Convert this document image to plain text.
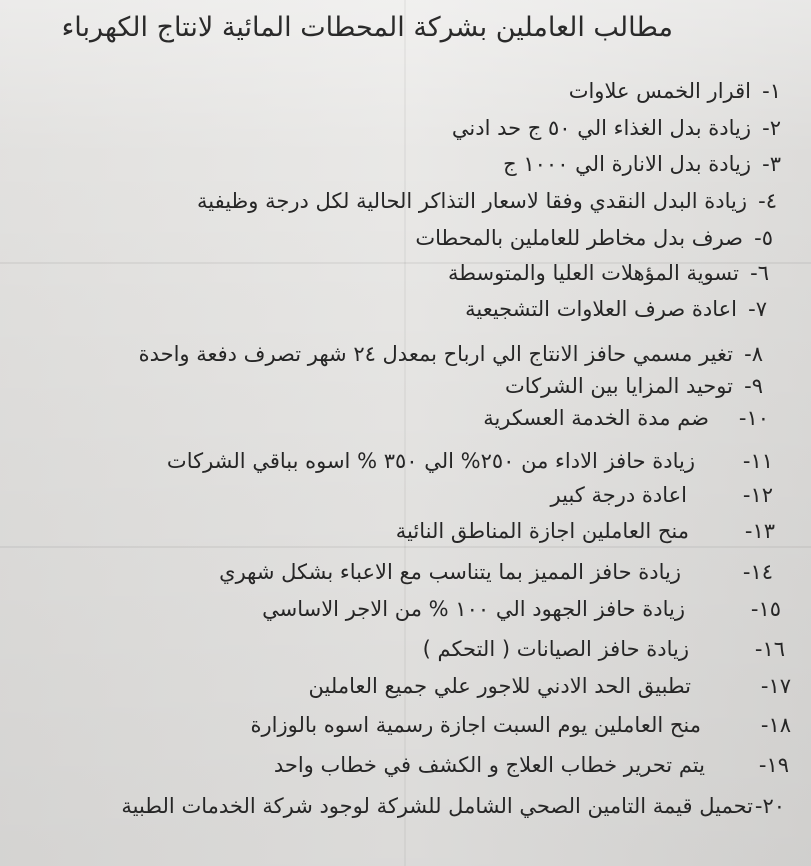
مطالب العاملين بشركة المحطات المائية لانتاج الكهرباء
١-
اقرار الخمس علاوات
٢-
زيادة بدل الغذاء الي ٥٠ ج حد ادني
٣-
زيادة بدل الانارة الي ١٠٠٠ ج
٤-
زيادة البدل النقدي وفقا لاسعار التذاكر الحالية لكل درجة وظيفية
٥-
صرف بدل مخاطر للعاملين بالمحطات
٦-
تسوية المؤهلات العليا والمتوسطة
٧-
اعادة صرف العلاوات التشجيعية
٨-
تغير مسمي حافز الانتاج الي ارباح بمعدل ٢٤ شهر تصرف دفعة واحدة
٩-
توحيد المزايا بين الشركات
١٠-
ضم مدة الخدمة العسكرية
١١-
زيادة حافز الاداء من ٢٥٠% الي ٣٥٠ % اسوه بباقي الشركات
١٢-
اعادة درجة كبير
١٣-
منح العاملين اجازة المناطق النائية
١٤-
زيادة حافز المميز بما يتناسب مع الاعباء بشكل شهري
١٥-
زيادة حافز الجهود الي ١٠٠ % من الاجر الاساسي
١٦-
زيادة حافز الصيانات ( التحكم )
١٧-
تطبيق الحد الادني للاجور علي جميع العاملين
١٨-
منح العاملين يوم السبت اجازة رسمية اسوه بالوزارة
١٩-
يتم تحرير خطاب العلاج و الكشف في خطاب واحد
٢٠-
تحميل قيمة التامين الصحي الشامل للشركة لوجود شركة الخدمات الطبية
